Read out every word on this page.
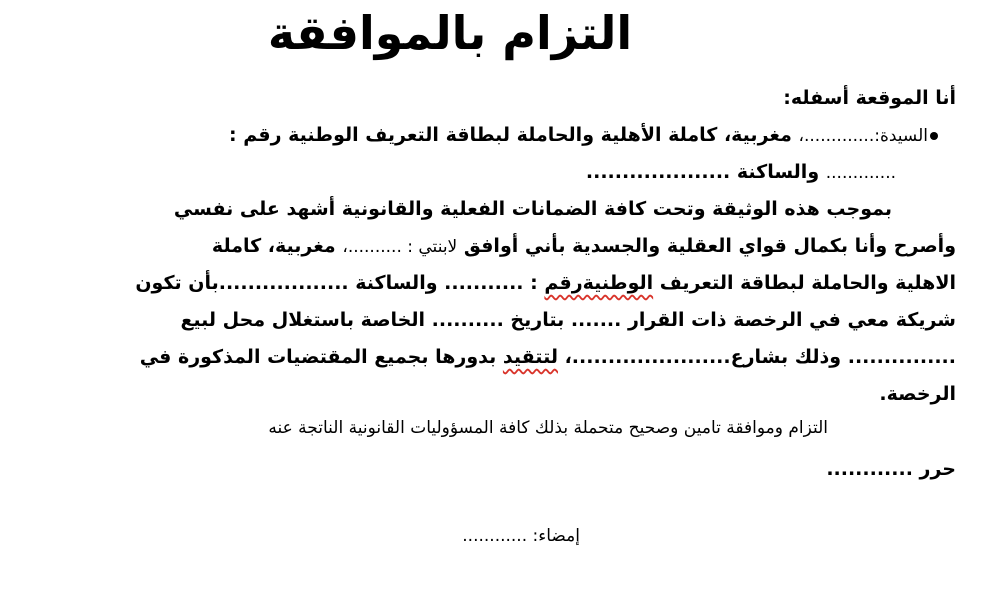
التزام بالموافقة
أنا الموقعة أسفله:
السيدة:.............، مغربية، كاملة الأهلية والحاملة لبطاقة التعريف الوطنية رقم :
............. والساكنة ....................
بموجب هذه الوثيقة وتحت كافة الضمانات الفعلية والقانونية أشهد على نفسي
وأصرح وأنا بكمال قواي العقلية والجسدية بأني أوافق لابنتي : ..........، مغربية، كاملة
الاهلية والحاملة لبطاقة التعريف الوطنيةرقم : ........... والساكنة ..................بأن تكون
شريكة معي في الرخصة ذات القرار ....... بتاريخ .......... الخاصة باستغلال محل لبيع
............... وذلك بشارع......................، لتتقيد بدورها بجميع المقتضيات المذكورة في
الرخصة.
التزام وموافقة تامين وصحيح متحملة بذلك كافة المسؤوليات القانونية الناتجة عنه
حرر ............
إمضاء: ............
